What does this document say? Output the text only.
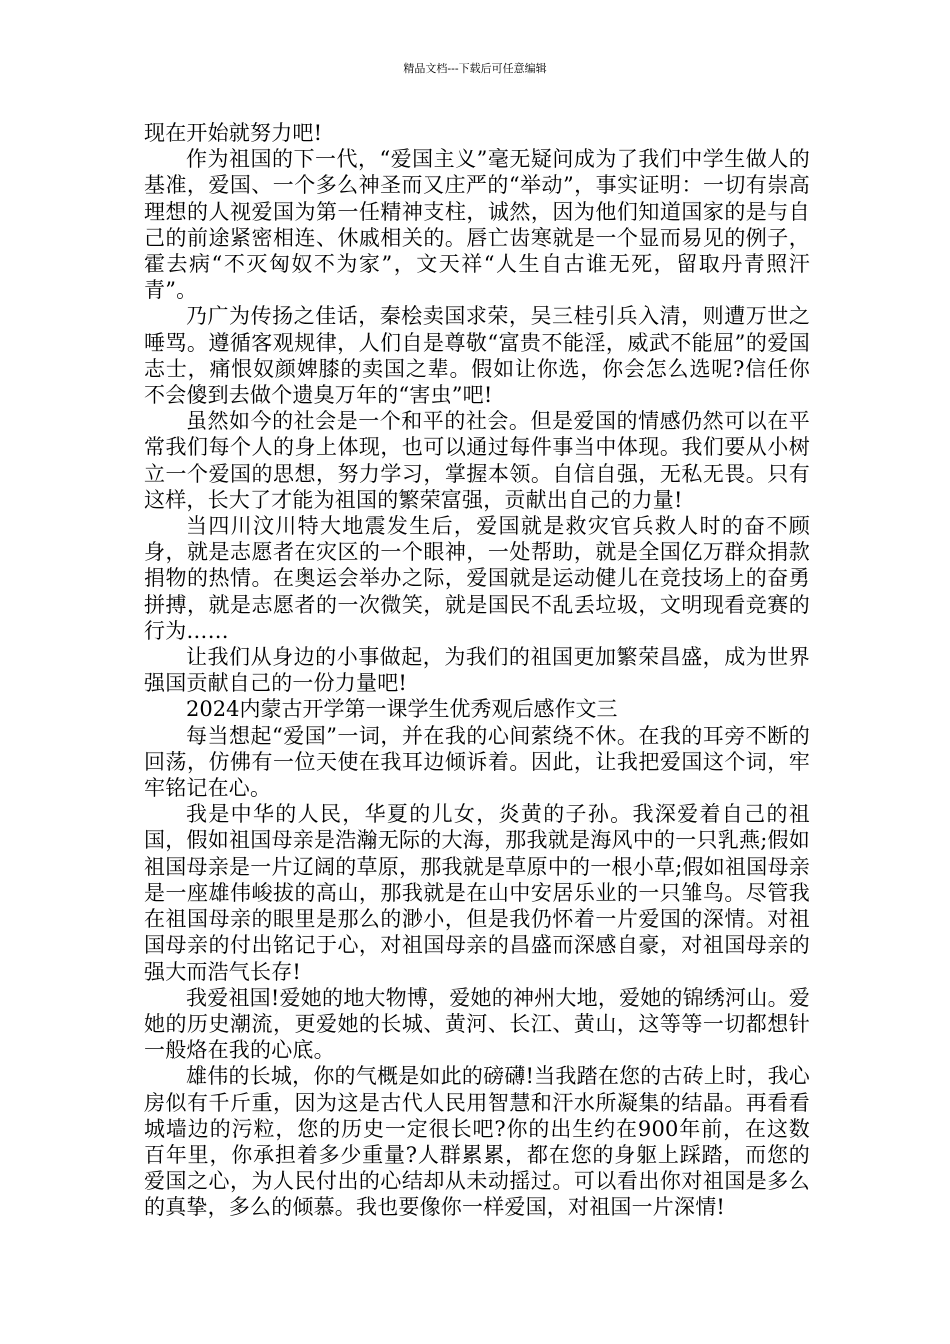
精品文档---下载后可任意编辑

现在开始就努力吧!

作为祖国的下一代，“爱国主义”毫无疑问成为了我们中学生做人的基准，爱国、一个多么神圣而又庄严的“举动”，事实证明：一切有崇高理想的人视爱国为第一任精神支柱，诚然，因为他们知道国家的是与自己的前途紧密相连、休戚相关的。唇亡齿寒就是一个显而易见的例子，霍去病“不灭匈奴不为家”，文天祥“人生自古谁无死，留取丹青照汗青”。

乃广为传扬之佳话，秦桧卖国求荣，吴三桂引兵入清，则遭万世之唾骂。遵循客观规律，人们自是尊敬“富贵不能淫，威武不能屈”的爱国志士，痛恨奴颜婢膝的卖国之辈。假如让你选，你会怎么选呢?信任你不会傻到去做个遗臭万年的“害虫”吧!

虽然如今的社会是一个和平的社会。但是爱国的情感仍然可以在平常我们每个人的身上体现，也可以通过每件事当中体现。我们要从小树立一个爱国的思想，努力学习，掌握本领。自信自强，无私无畏。只有这样，长大了才能为祖国的繁荣富强，贡献出自己的力量!

当四川汶川特大地震发生后，爱国就是救灾官兵救人时的奋不顾身，就是志愿者在灾区的一个眼神，一处帮助，就是全国亿万群众捐款捐物的热情。在奥运会举办之际，爱国就是运动健儿在竞技场上的奋勇拼搏，就是志愿者的一次微笑，就是国民不乱丢垃圾，文明现看竞赛的行为……

让我们从身边的小事做起，为我们的祖国更加繁荣昌盛，成为世界强国贡献自己的一份力量吧!

2024内蒙古开学第一课学生优秀观后感作文三

每当想起“爱国”一词，并在我的心间萦绕不休。在我的耳旁不断的回荡，仿佛有一位天使在我耳边倾诉着。因此，让我把爱国这个词，牢牢铭记在心。

我是中华的人民，华夏的儿女，炎黄的子孙。我深爱着自己的祖国，假如祖国母亲是浩瀚无际的大海，那我就是海风中的一只乳燕;假如祖国母亲是一片辽阔的草原，那我就是草原中的一根小草;假如祖国母亲是一座雄伟峻拔的高山，那我就是在山中安居乐业的一只雏鸟。尽管我在祖国母亲的眼里是那么的渺小，但是我仍怀着一片爱国的深情。对祖国母亲的付出铭记于心，对祖国母亲的昌盛而深感自豪，对祖国母亲的强大而浩气长存!

我爱祖国!爱她的地大物博，爱她的神州大地，爱她的锦绣河山。爱她的历史潮流，更爱她的长城、黄河、长江、黄山，这等等一切都想针一般烙在我的心底。

雄伟的长城，你的气概是如此的磅礴!当我踏在您的古砖上时，我心房似有千斤重，因为这是古代人民用智慧和汗水所凝集的结晶。再看看城墙边的污粒，您的历史一定很长吧?你的出生约在900年前，在这数百年里，你承担着多少重量?人群累累，都在您的身躯上踩踏，而您的爱国之心，为人民付出的心结却从未动摇过。可以看出你对祖国是多么的真挚，多么的倾慕。我也要像你一样爱国，对祖国一片深情!
